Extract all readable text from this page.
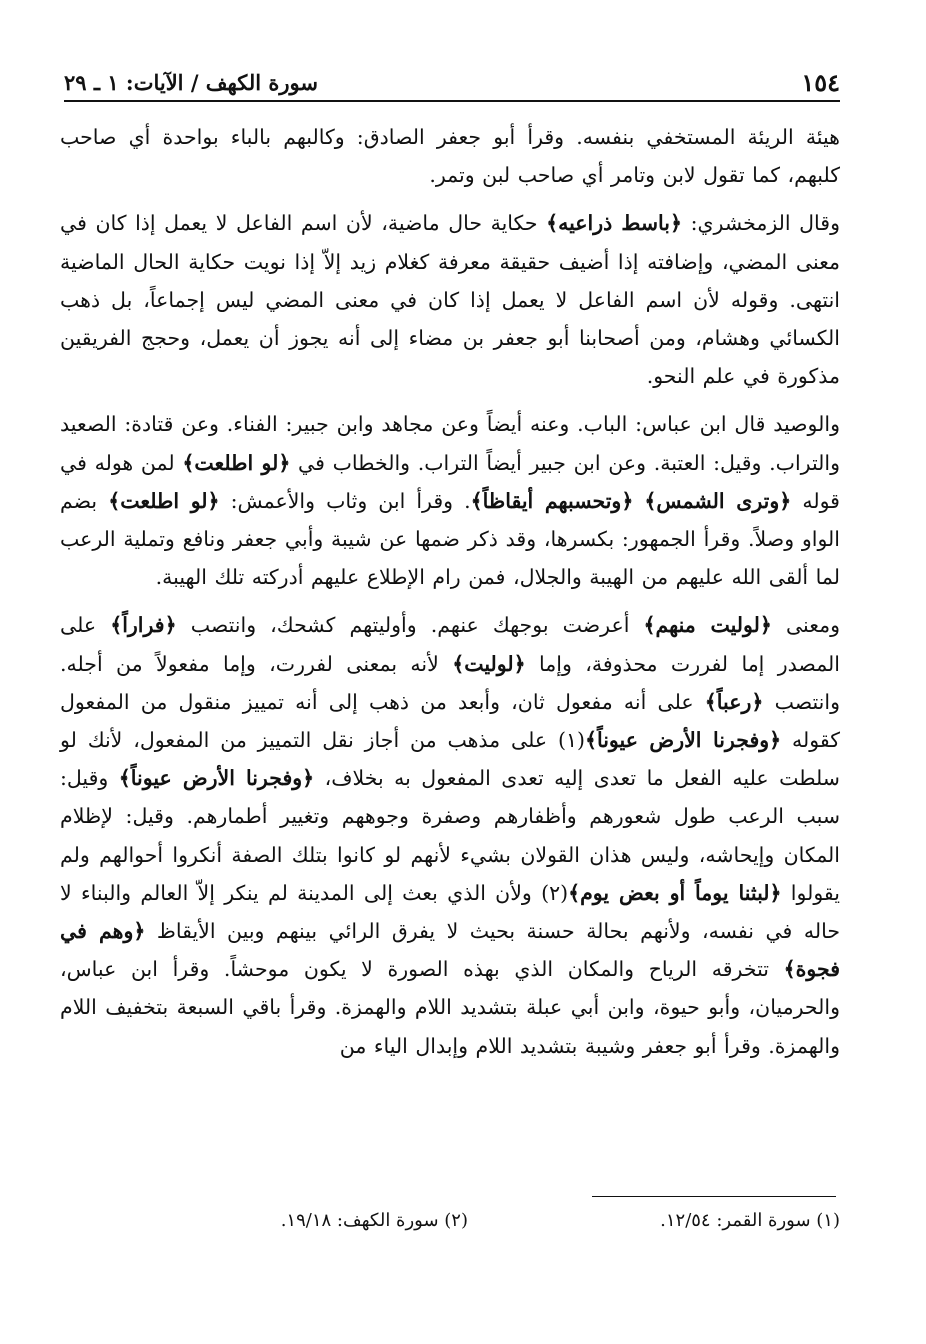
١٥٤
سورة الكهف / الآيات: ١ ـ ٢٩

هيئة الريئة المستخفي بنفسه. وقرأ أبو جعفر الصادق: وكالبهم بالباء بواحدة أي صاحب كلبهم، كما تقول لابن وتامر أي صاحب لبن وتمر.

وقال الزمخشري: ﴿باسط ذراعيه﴾ حكاية حال ماضية، لأن اسم الفاعل لا يعمل إذا كان في معنى المضي، وإضافته إذا أضيف حقيقة معرفة كغلام زيد إلاّ إذا نويت حكاية الحال الماضية انتهى. وقوله لأن اسم الفاعل لا يعمل إذا كان في معنى المضي ليس إجماعاً، بل ذهب الكسائي وهشام، ومن أصحابنا أبو جعفر بن مضاء إلى أنه يجوز أن يعمل، وحجج الفريقين مذكورة في علم النحو.

والوصيد قال ابن عباس: الباب. وعنه أيضاً وعن مجاهد وابن جبير: الفناء. وعن قتادة: الصعيد والتراب. وقيل: العتبة. وعن ابن جبير أيضاً التراب. والخطاب في ﴿لو اطلعت﴾ لمن هوله في قوله ﴿وترى الشمس﴾ ﴿وتحسبهم أيقاظاً﴾. وقرأ ابن وثاب والأعمش: ﴿لو اطلعت﴾ بضم الواو وصلاً. وقرأ الجمهور: بكسرها، وقد ذكر ضمها عن شيبة وأبي جعفر ونافع وتملية الرعب لما ألقى الله عليهم من الهيبة والجلال، فمن رام الإطلاع عليهم أدركته تلك الهيبة.

ومعنى ﴿لوليت منهم﴾ أعرضت بوجهك عنهم. وأوليتهم كشحك، وانتصب ﴿فراراً﴾ على المصدر إما لفررت محذوفة، وإما ﴿لوليت﴾ لأنه بمعنى لفررت، وإما مفعولاً من أجله. وانتصب ﴿رعباً﴾ على أنه مفعول ثان، وأبعد من ذهب إلى أنه تمييز منقول من المفعول كقوله ﴿وفجرنا الأرض عيوناً﴾(١) على مذهب من أجاز نقل التمييز من المفعول، لأنك لو سلطت عليه الفعل ما تعدى إليه تعدى المفعول به بخلاف، ﴿وفجرنا الأرض عيوناً﴾ وقيل: سبب الرعب طول شعورهم وأظفارهم وصفرة وجوههم وتغيير أطمارهم. وقيل: لإظلام المكان وإيحاشه، وليس هذان القولان بشيء لأنهم لو كانوا بتلك الصفة أنكروا أحوالهم ولم يقولوا ﴿لبثنا يوماً أو بعض يوم﴾(٢) ولأن الذي بعث إلى المدينة لم ينكر إلاّ العالم والبناء لا حاله في نفسه، ولأنهم بحالة حسنة بحيث لا يفرق الرائي بينهم وبين الأيقاظ ﴿وهم في فجوة﴾ تتخرقه الرياح والمكان الذي بهذه الصورة لا يكون موحشاً. وقرأ ابن عباس، والحرميان، وأبو حيوة، وابن أبي عبلة بتشديد اللام والهمزة. وقرأ باقي السبعة بتخفيف اللام والهمزة. وقرأ أبو جعفر وشيبة بتشديد اللام وإبدال الياء من

(١) سورة القمر: ١٢/٥٤.
(٢) سورة الكهف: ١٩/١٨.
